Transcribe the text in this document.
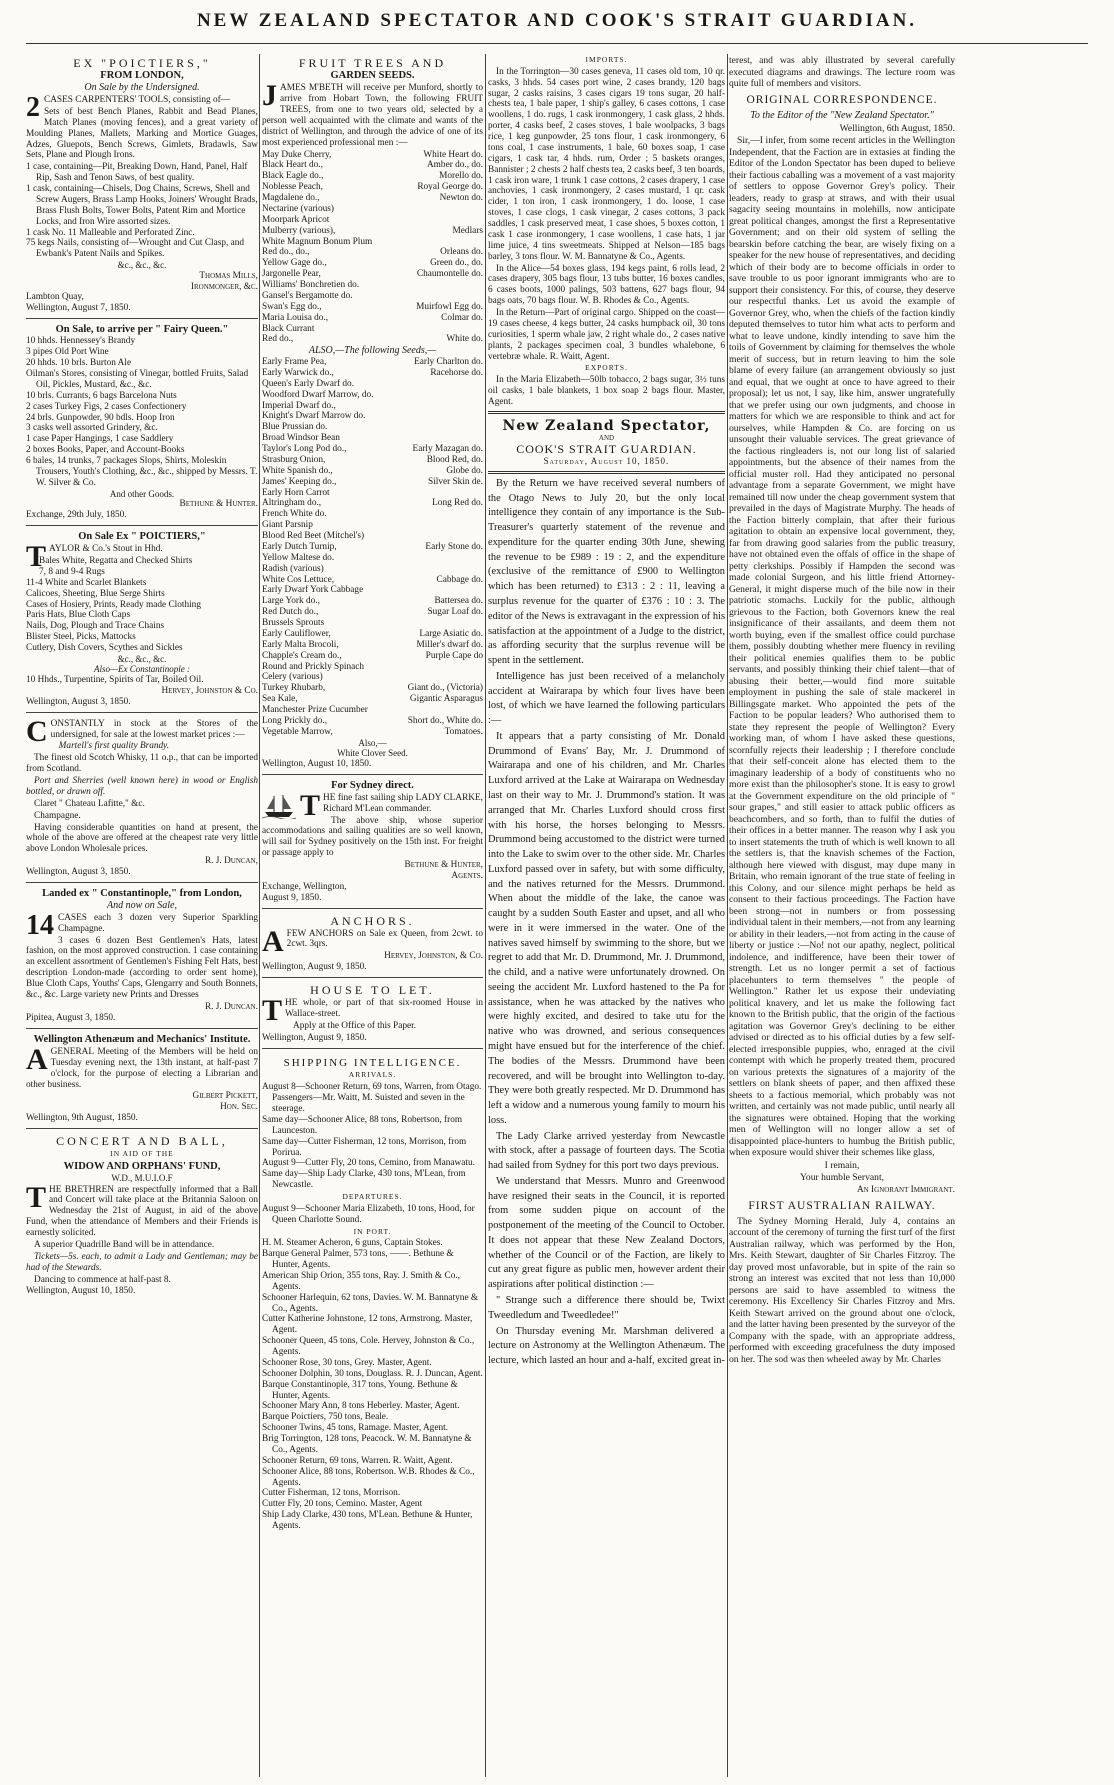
NEW ZEALAND SPECTATOR AND COOK'S STRAIT GUARDIAN.
EX "POICTIERS,"
FROM LONDON,
On Sale by the Undersigned.

2 CASES CARPENTERS' TOOLS, consisting of—

Sets of best Bench Planes, Rabbit and Bead Planes, Match Planes (moving fences), and a great variety of Moulding Planes, Mallets, Marking and Mortice Guages, Adzes, Gluepots, Bench Screws, Gimlets, Bradawls, Saw Sets, Plane and Plough Irons.

1 case, containing—Pit, Breaking Down, Hand, Panel, Half Rip, Sash and Tenon Saws, of best quality.
1 cask, containing—Chisels, Dog Chains, Screws, Shell and Screw Augers, Brass Lamp Hooks, Joiners' Wrought Brads, Brass Flush Bolts, Tower Bolts, Patent Rim and Mortice Locks, and Iron Wire assorted sizes.
1 cask No. 11 Malleable and Perforated Zinc.
75 kegs Nails, consisting of—Wrought and Cut Clasp, and Ewbank's Patent Nails and Spikes.
&c., &c., &c.
Thomas Mills,
Ironmonger, &c.
Lambton Quay,
Wellington, August 7, 1850.
On Sale, to arrive per " Fairy Queen."
10 hhds. Hennessey's Brandy
3 pipes Old Port Wine
20 hhds. 10 brls. Burton Ale
Oilman's Stores, consisting of Vinegar, bottled Fruits, Salad Oil, Pickles, Mustard, &c., &c.
10 brls. Currants, 6 bags Barcelona Nuts
2 cases Turkey Figs, 2 cases Confectionery
24 brls. Gunpowder, 90 bdls. Hoop Iron
3 casks well assorted Grindery, &c.
1 case Paper Hangings, 1 case Saddlery
2 boxes Books, Paper, and Account-Books
6 bales, 14 trunks, 7 packages Slops, Shirts, Moleskin Trousers, Youth's Clothing, &c., &c., shipped by Messrs. T. W. Silver & Co.
And other Goods.
Bethune & Hunter.
Exchange, 29th July, 1850.
On Sale Ex " POICTIERS,"

TAYLOR & Co.'s Stout in Hhd.

Bales White, Regatta and Checked Shirts
7, 8 and 9-4 Rugs
11-4 White and Scarlet Blankets
Calicoes, Sheeting, Blue Serge Shirts
Cases of Hosiery, Prints, Ready made Clothing
Paris Hats, Blue Cloth Caps
Nails, Dog, Plough and Trace Chains
Blister Steel, Picks, Mattocks
Cutlery, Dish Covers, Scythes and Sickles
&c., &c., &c.
Also—Ex Constantinople :
10 Hhds., Turpentine, Spirits of Tar, Boiled Oil.
Hervey, Johnston & Co.
Wellington, August 3, 1850.

CONSTANTLY in stock at the Stores of the undersigned, for sale at the lowest market prices :—

Martell's first quality Brandy.

The finest old Scotch Whisky, 11 o.p., that can be imported from Scotland.

Port and Sherries (well known here) in wood or English bottled, or drawn off.

Claret " Chateau Lafitte," &c.

Champagne.

Having considerable quantities on hand at present, the whole of the above are offered at the cheapest rate very little above London Wholesale prices.

R. J. Duncan,
Wellington, August 3, 1850.
Landed ex " Constantinople," from London,
And now on Sale,

14 CASES each 3 dozen very Superior Sparkling Champagne.

3 cases 6 dozen Best Gentlemen's Hats, latest fashion, on the most approved construction. 1 case containing an excellent assortment of Gentlemen's Fishing Felt Hats, best description London-made (according to order sent home), Blue Cloth Caps, Youths' Caps, Glengarry and South Bonnets, &c., &c. Large variety new Prints and Dresses

R. J. Duncan.
Pipitea, August 3, 1850.
Wellington Athenæum and Mechanics' Institute.

AGENERAL Meeting of the Members will be held on Tuesday evening next, the 13th instant, at half-past 7 o'clock, for the purpose of electing a Librarian and other business.

Gilbert Pickett,
Hon. Sec.
Wellington, 9th August, 1850.
CONCERT AND BALL,
IN AID OF THE
WIDOW AND ORPHANS' FUND,
W.D., M.U.I.O.F

THE BRETHREN are respectfully informed that a Ball and Concert will take place at the Britannia Saloon on Wednesday the 21st of August, in aid of the above Fund, when the attendance of Members and their Friends is earnestly solicited.

A superior Quadrille Band will be in attendance.

Tickets—5s. each, to admit a Lady and Gentleman; may be had of the Stewards.

Dancing to commence at half-past 8.

Wellington, August 10, 1850.
FRUIT TREES AND
GARDEN SEEDS.

JAMES M'BETH will receive per Munford, shortly to arrive from Hobart Town, the following FRUIT TREES, from one to two years old, selected by a person well acquainted with the climate and wants of the district of Wellington, and through the advice of one of its most experienced professional men :—

May Duke Cherry,	White Heart do.
Black Heart do.,	Amber do., do.
Black Eagle do.,	Morello do.
Noblesse Peach,	Royal George do.
Magdalene do.,	Newton do.
Nectarine (various)
Moorpark Apricot
Mulberry (various),	Medlars
White Magnum Bonum Plum
Red do., do.,	Orleans do.
Yellow Gage do.,	Green do., do.
Jargonelle Pear,	Chaumontelle do.
Williams' Bonchretien do.
Gansel's Bergamotte do.
Swan's Egg do.,	Muirfowl Egg do.
Maria Louisa do.,	Colmar do.
Black Currant
Red do.,	White do.
ALSO,—The following Seeds,—
Early Frame Pea,	Early Charlton do.
Early Warwick do.,	Racehorse do.
Queen's Early Dwarf do.
Woodford Dwarf Marrow, do.
Imperial Dwarf do.,
Knight's Dwarf Marrow do.
Blue Prussian do.
Broad Windsor Bean
Taylor's Long Pod do.,	Early Mazagan do.
Strasburg Onion,	Blood Red, do.
White Spanish do.,	Globe do.
James' Keeping do.,	Silver Skin de.
Early Horn Carrot
Altringham do.,	Long Red do.
French White do.
Giant Parsnip
Blood Red Beet (Mitchel's)
Early Dutch Turnip,	Early Stone do.
Yellow Maltese do.
Radish (various)
White Cos Lettuce,	Cabbage do.
Early Dwarf York Cabbage
Large York do.,	Battersea do.
Red Dutch do.,	Sugar Loaf do.
Brussels Sprouts
Early Cauliflower,	Large Asiatic do.
Early Malta Brocoli,	Miller's dwarf do.
Chapple's Cream do.,	Purple Cape do
Round and Prickly Spinach
Celery (various)
Turkey Rhubarb,	Giant do., (Victoria)
Sea Kale,	Gigantic Asparagus
Manchester Prize Cucumber
Long Prickly do.,	Short do., White do.
Vegetable Marrow,	Tomatoes.
Also,—
White Clover Seed.
Wellington, August 10, 1850.
For Sydney direct.

THE fine fast sailing ship LADY CLARKE, Richard M'Lean commander.

The above ship, whose superior accommodations and sailing qualities are so well known, will sail for Sydney positively on the 15th inst. For freight or passage apply to

Bethune & Hunter,
Agents.
Exchange, Wellington,
August 9, 1850.
ANCHORS.

AFEW ANCHORS on Sale ex Queen, from 2cwt. to 2cwt. 3qrs.

Hervey, Johnston, & Co.
Wellington, August 9, 1850.
HOUSE TO LET.

THE whole, or part of that six-roomed House in Wallace-street.

Apply at the Office of this Paper.

Wellington, August 9, 1850.
SHIPPING INTELLIGENCE.
ARRIVALS.
August 8—Schooner Return, 69 tons, Warren, from Otago. Passengers—Mr. Waitt, M. Suisted and seven in the steerage.
Same day—Schooner Alice, 88 tons, Robertson, from Launceston.
Same day—Cutter Fisherman, 12 tons, Morrison, from Porirua.
August 9—Cutter Fly, 20 tons, Cemino, from Manawatu.
Same day—Ship Lady Clarke, 430 tons, M'Lean, from Newcastle.
DEPARTURES.
August 9—Schooner Maria Elizabeth, 10 tons, Hood, for Queen Charlotte Sound.
IN PORT.
H. M. Steamer Acheron, 6 guns, Captain Stokes.
Barque General Palmer, 573 tons, ——. Bethune & Hunter, Agents.
American Ship Orion, 355 tons, Ray. J. Smith & Co., Agents.
Schooner Harlequin, 62 tons, Davies. W. M. Bannatyne & Co., Agents.
Cutter Katherine Johnstone, 12 tons, Armstrong. Master, Agent.
Schooner Queen, 45 tons, Cole. Hervey, Johnston & Co., Agents.
Schooner Rose, 30 tons, Grey. Master, Agent.
Schooner Dolphin, 30 tons, Douglass. R. J. Duncan, Agent.
Barque Constantinople, 317 tons, Young. Bethune & Hunter, Agents.
Schooner Mary Ann, 8 tons Heberley. Master, Agent.
Barque Poictiers, 750 tons, Beale.
Schooner Twins, 45 tons, Ramage. Master, Agent.
Brig Torrington, 128 tons, Peacock. W. M. Bannatyne & Co., Agents.
Schooner Return, 69 tons, Warren. R. Waitt, Agent.
Schooner Alice, 88 tons, Robertson. W.B. Rhodes & Co., Agents.
Cutter Fisherman, 12 tons, Morrison.
Cutter Fly, 20 tons, Cemino. Master, Agent
Ship Lady Clarke, 430 tons, M'Lean. Bethune & Hunter, Agents.
IMPORTS.

In the Torrington—30 cases geneva, 11 cases old tom, 10 qr. casks, 3 hhds. 54 cases port wine, 2 cases brandy, 120 bags sugar, 2 casks raisins, 3 cases cigars 19 tons sugar, 20 half-chests tea, 1 bale paper, 1 ship's galley, 6 cases cottons, 1 case woollens, 1 do. rugs, 1 cask ironmongery, 1 cask glass, 2 hhds. porter, 4 casks beef, 2 cases stoves, 1 bale woolpacks, 3 bags rice, 1 keg gunpowder, 25 tons flour, 1 cask ironmongery, 6 tons coal, 1 case instruments, 1 bale, 60 boxes soap, 1 case cigars, 1 cask tar, 4 hhds. rum, Order ; 5 baskets oranges, Bannister ; 2 chests 2 half chests tea, 2 casks beef, 3 ten boards, 1 cask iron ware, 1 trunk 1 case cottons, 2 cases drapery, 1 case anchovies, 1 cask ironmongery, 2 cases mustard, 1 qr. cask cider, 1 ton iron, 1 cask ironmongery, 1 do. loose, 1 case stoves, 1 case clogs, 1 cask vinegar, 2 cases cottons, 3 pack saddles, 1 cask preserved meat, 1 case shoes, 5 boxes cotton, 1 cask 1 case ironmongery, 1 case woollens, 1 case hats, 1 jar lime juice, 4 tins sweetmeats. Shipped at Nelson—185 bags barley, 3 tons flour. W. M. Bannatyne & Co., Agents.

In the Alice—54 boxes glass, 194 kegs paint, 6 rolls lead, 2 cases drapery, 305 bags flour, 13 tubs butter, 16 boxes candles, 6 cases boots, 1000 palings, 503 battens, 627 bags flour, 94 bags oats, 70 bags flour. W. B. Rhodes & Co., Agents.

In the Return—Part of original cargo. Shipped on the coast—19 cases cheese, 4 kegs butter, 24 casks humpback oil, 30 tons curiosities, 1 sperm whale jaw, 2 right whale do., 2 cases native plants, 2 packages specimen coal, 3 bundles whalebone, 6 vertebræ whale. R. Waitt, Agent.

EXPORTS.

In the Maria Elizabeth—50lb tobacco, 2 bags sugar, 3½ tuns oil casks, 1 bale blankets, 1 box soap 2 bags flour. Master, Agent.

New Zealand Spectator,
AND
COOK'S STRAIT GUARDIAN.
Saturday, August 10, 1850.

By the Return we have received several numbers of the Otago News to July 20, but the only local intelligence they contain of any importance is the Sub-Treasurer's quarterly statement of the revenue and expenditure for the quarter ending 30th June, shewing the revenue to be £989 : 19 : 2, and the expenditure (exclusive of the remittance of £900 to Wellington which has been returned) to £313 : 2 : 11, leaving a surplus revenue for the quarter of £376 : 10 : 3. The editor of the News is extravagant in the expression of his satisfaction at the appointment of a Judge to the district, as affording security that the surplus revenue will be spent in the settlement.

Intelligence has just been received of a melancholy accident at Wairarapa by which four lives have been lost, of which we have learned the following particulars :—

It appears that a party consisting of Mr. Donald Drummond of Evans' Bay, Mr. J. Drummond of Wairarapa and one of his children, and Mr. Charles Luxford arrived at the Lake at Wairarapa on Wednesday last on their way to Mr. J. Drummond's station. It was arranged that Mr. Charles Luxford should cross first with his horse, the horses belonging to Messrs. Drummond being accustomed to the district were turned into the Lake to swim over to the other side. Mr. Charles Luxford passed over in safety, but with some difficulty, and the natives returned for the Messrs. Drummond. When about the middle of the lake, the canoe was caught by a sudden South Easter and upset, and all who were in it were immersed in the water. One of the natives saved himself by swimming to the shore, but we regret to add that Mr. D. Drummond, Mr. J. Drummond, the child, and a native were unfortunately drowned. On seeing the accident Mr. Luxford hastened to the Pa for assistance, when he was attacked by the natives who were highly excited, and desired to take utu for the native who was drowned, and serious consequences might have ensued but for the interference of the chief. The bodies of the Messrs. Drummond have been recovered, and will be brought into Wellington to-day. They were both greatly respected. Mr D. Drummond has left a widow and a numerous young family to mourn his loss.

The Lady Clarke arrived yesterday from Newcastle with stock, after a passage of fourteen days. The Scotia had sailed from Sydney for this port two days previous.

We understand that Messrs. Munro and Greenwood have resigned their seats in the Council, it is reported from some sudden pique on account of the postponement of the meeting of the Council to October. It does not appear that these New Zealand Doctors, whether of the Council or of the Faction, are likely to cut any great figure as public men, however ardent their aspirations after political distinction :—

" Strange such a difference there should be, Twixt Tweedledum and Tweedledee!"

On Thursday evening Mr. Marshman delivered a lecture on Astronomy at the Wellington Athenæum. The lecture, which lasted an hour and a-half, excited great in-

terest, and was ably illustrated by several carefully executed diagrams and drawings. The lecture room was quite full of members and visitors.

ORIGINAL CORRESPONDENCE.
To the Editor of the "New Zealand Spectator."

Wellington, 6th August, 1850.

Sir,—I infer, from some recent articles in the Wellington Independent, that the Faction are in extasies at finding the Editor of the London Spectator has been duped to believe their factious caballing was a movement of a vast majority of settlers to oppose Governor Grey's policy. Their leaders, ready to grasp at straws, and with their usual sagacity seeing mountains in molehills, now anticipate great political changes, amongst the first a Representative Government; and on their old system of selling the bearskin before catching the bear, are wisely fixing on a speaker for the new house of representatives, and deciding which of their body are to become officials in order to save trouble to us poor ignorant immigrants who are to support their consistency. For this, of course, they deserve our respectful thanks. Let us avoid the example of Governor Grey, who, when the chiefs of the faction kindly deputed themselves to tutor him what acts to perform and what to leave undone, kindly intending to save him the toils of Government by claiming for themselves the whole merit of success, but in return leaving to him the sole blame of every failure (an arrangement obviously so just and equal, that we ought at once to have agreed to their proposal); let us not, I say, like him, answer ungratefully that we prefer using our own judgments, and choose in matters for which we are responsible to think and act for ourselves, while Hampden & Co. are forcing on us unsought their valuable services. The great grievance of the factious ringleaders is, not our long list of salaried appointments, but the absence of their names from the official muster roll. Had they anticipated no personal advantage from a separate Government, we might have remained till now under the cheap government system that prevailed in the days of Magistrate Murphy. The heads of the Faction bitterly complain, that after their furious agitation to obtain an expensive local government, they, far from drawing good salaries from the public treasury, have not obtained even the offals of office in the shape of petty clerkships. Possibly if Hampden the second was made colonial Surgeon, and his little friend Attorney-General, it might disperse much of the bile now in their patriotic stomachs. Luckily for the public, although grievous to the Faction, both Governors knew the real insignificance of their assailants, and deem them not worth buying, even if the smallest office could purchase them, possibly doubting whether mere fluency in reviling their political enemies qualifies them to be public servants, and possibly thinking their chief talent—that of abusing their better,—would find more suitable employment in pushing the sale of stale mackerel in Billingsgate market. Who appointed the pets of the Faction to be popular leaders? Who authorised them to state they represent the people of Wellington? Every working man, of whom I have asked these questions, scornfully rejects their leadership ; I therefore conclude that their self-conceit alone has elected them to the imaginary leadership of a body of constituents who no more exist than the philosopher's stone. It is easy to growl at the Government expenditure on the old principle of " sour grapes," and still easier to attack public officers as beachcombers, and so forth, than to fulfil the duties of their offices in a better manner. The reason why I ask you to insert statements the truth of which is well known to all the settlers is, that the knavish schemes of the Faction, although here viewed with disgust, may dupe many in Britain, who remain ignorant of the true state of feeling in this Colony, and our silence might perhaps be held as consent to their factious proceedings. The Faction have been strong—not in numbers or from possessing individual talent in their members,—not from any learning or ability in their leaders,—not from acting in the cause of liberty or justice :—No! not our apathy, neglect, political indolence, and indifference, have been their tower of strength. Let us no longer permit a set of factious placehunters to term themselves " the people of Wellington." Rather let us expose their undeviating political knavery, and let us make the following fact known to the British public, that the origin of the factious agitation was Governor Grey's declining to be either advised or directed as to his official duties by a few self-elected irresponsible puppies, who, enraged at the civil contempt with which he properly treated them, procured on various pretexts the signatures of a majority of the settlers on blank sheets of paper, and then affixed these sheets to a factious memorial, which probably was not written, and certainly was not made public, until nearly all the signatures were obtained. Hoping that the working men of Wellington will no longer allow a set of disappointed place-hunters to humbug the British public, when exposure would shiver their schemes like glass,

I remain,

Your humble Servant,

An Ignorant Immigrant.
FIRST AUSTRALIAN RAILWAY.

The Sydney Morning Herald, July 4, contains an account of the ceremony of turning the first turf of the first Australian railway, which was performed by the Hon, Mrs. Keith Stewart, daughter of Sir Charles Fitzroy. The day proved most unfavorable, but in spite of the rain so strong an interest was excited that not less than 10,000 persons are said to have assembled to witness the ceremony. His Excellency Sir Charles Fitzroy and Mrs. Keith Stewart arrived on the ground about one o'clock, and the latter having been presented by the surveyor of the Company with the spade, with an appropriate address, performed with exceeding gracefulness the duty imposed on her. The sod was then wheeled away by Mr. Charles
